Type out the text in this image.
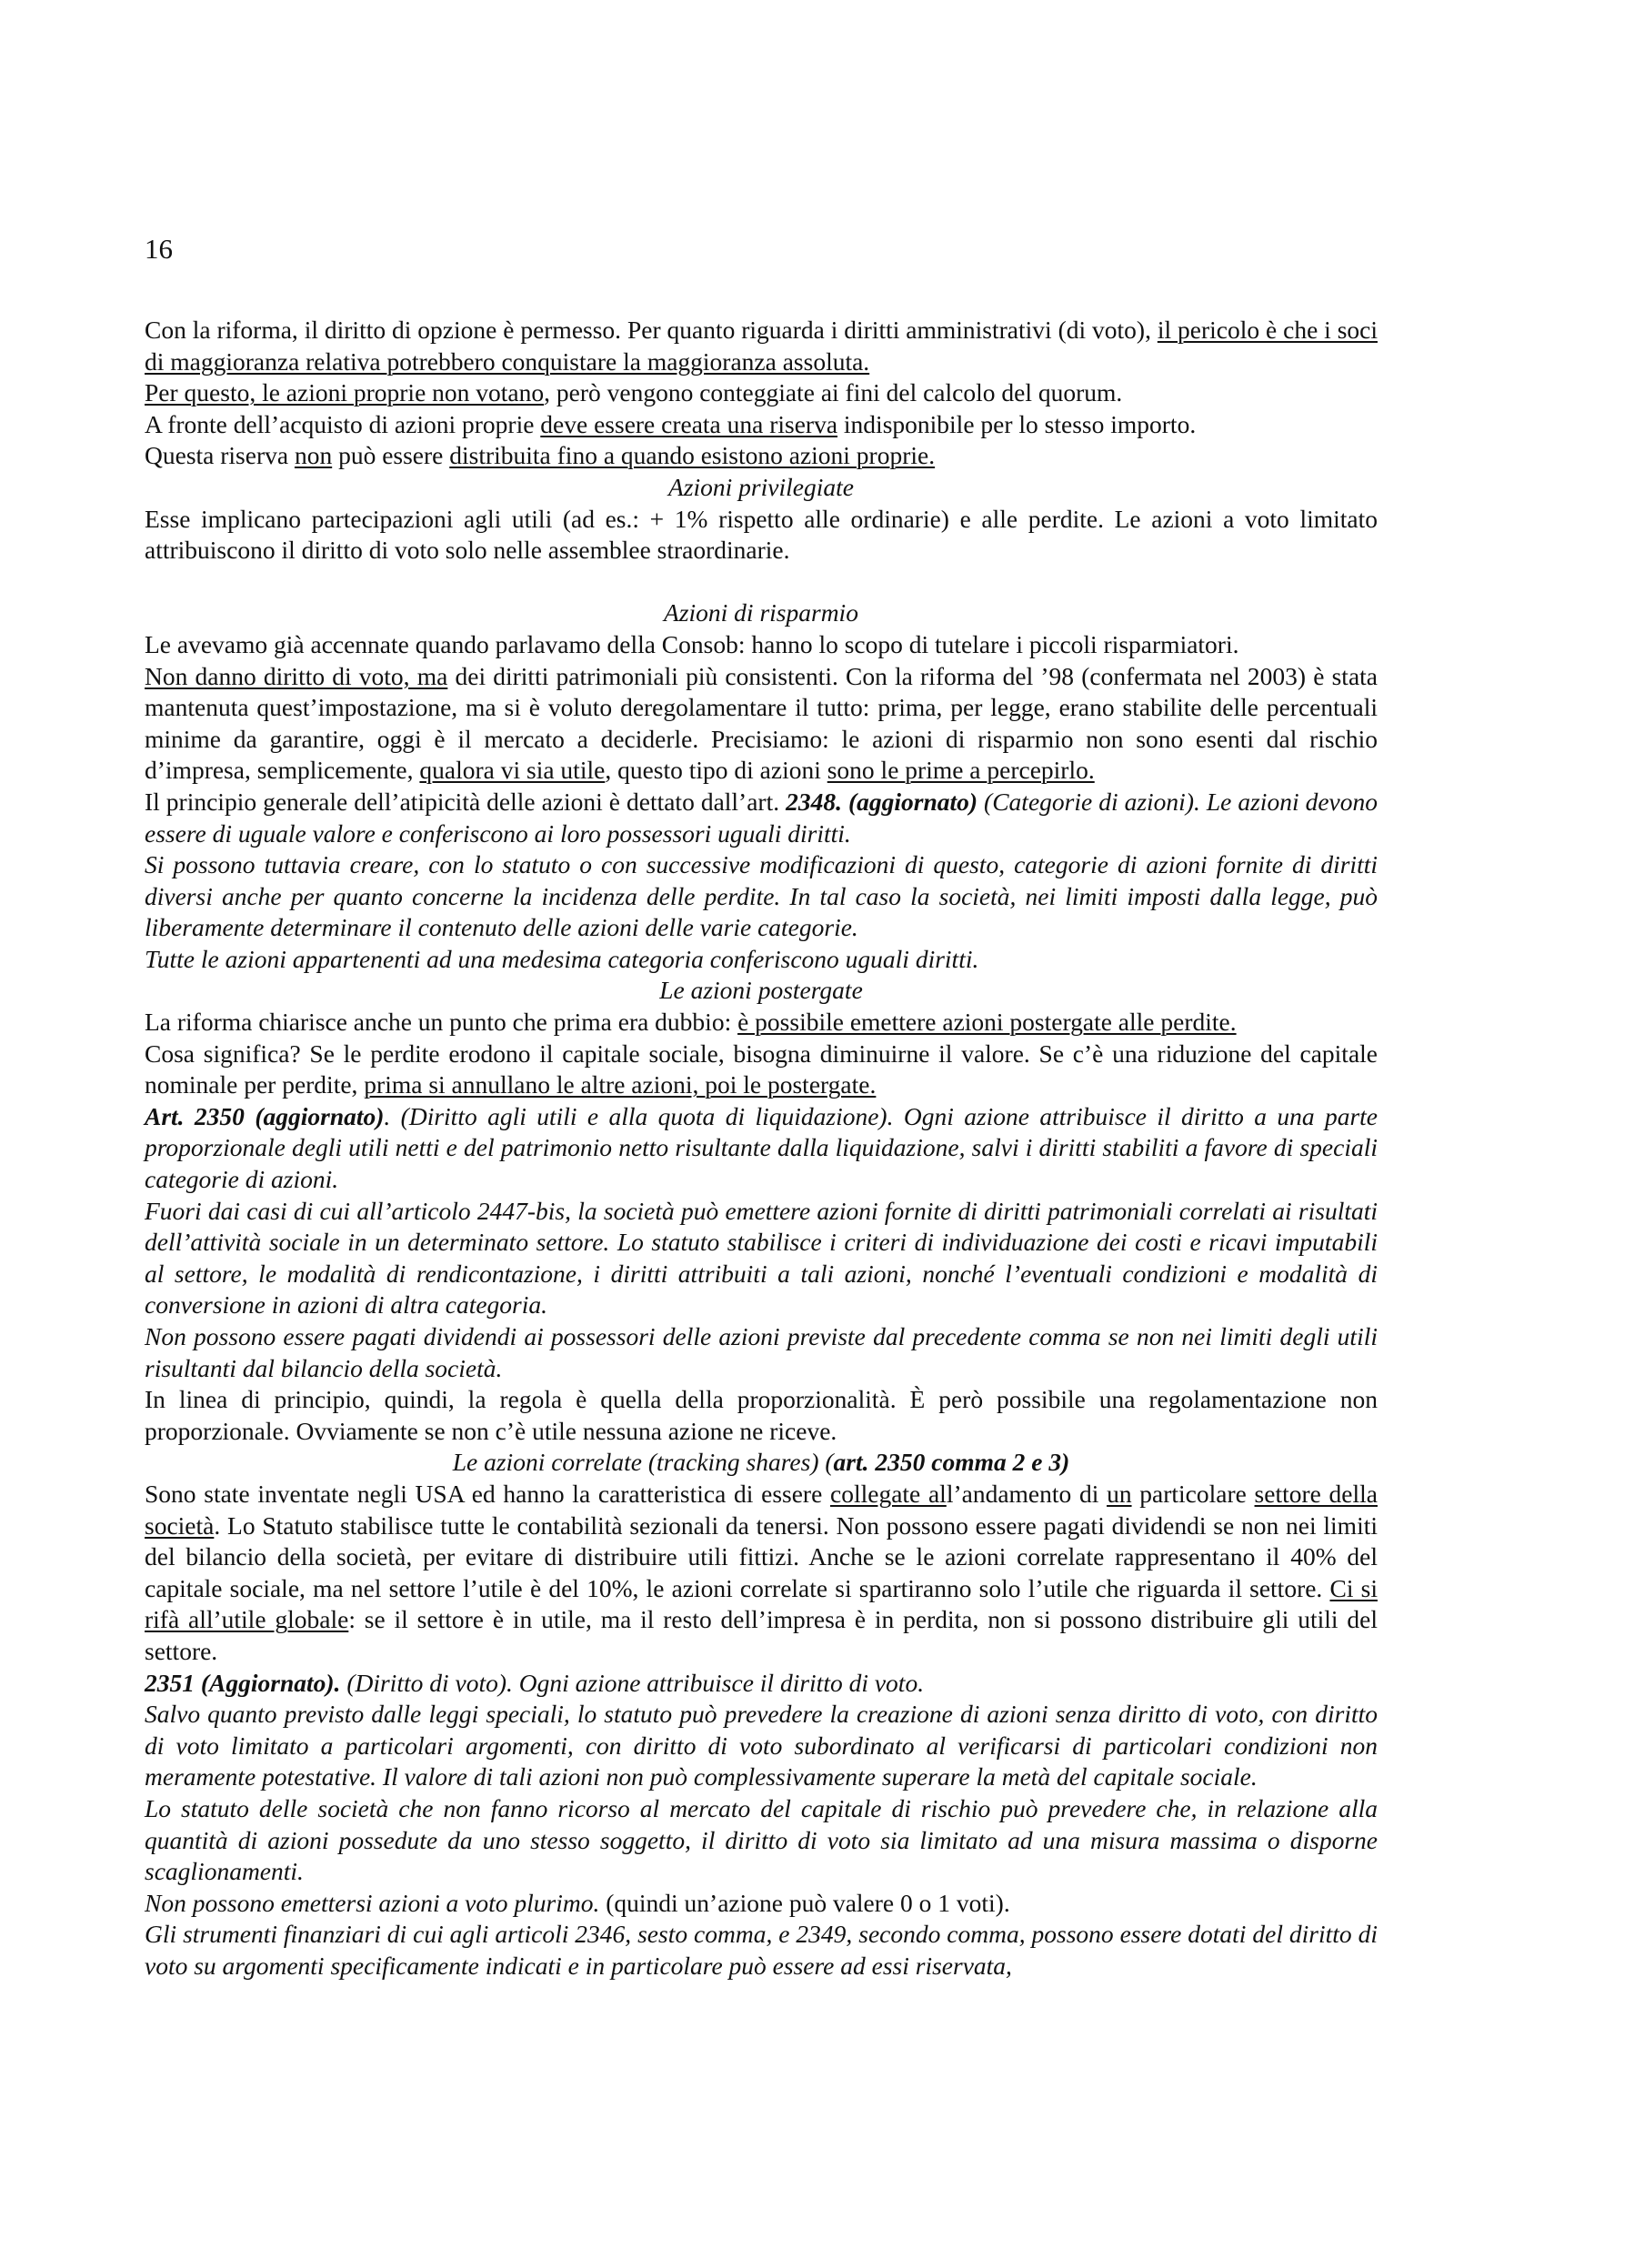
16

Con la riforma, il diritto di opzione è permesso. Per quanto riguarda i diritti amministrativi (di voto), il pericolo è che i soci di maggioranza relativa potrebbero conquistare la maggioranza assoluta.

Per questo, le azioni proprie non votano, però vengono conteggiate ai fini del calcolo del quorum.

A fronte dell’acquisto di azioni proprie deve essere creata una riserva indisponibile per lo stesso importo.

Questa riserva non può essere distribuita fino a quando esistono azioni proprie.

Azioni privilegiate

Esse implicano partecipazioni agli utili (ad es.: + 1% rispetto alle ordinarie) e alle perdite. Le azioni a voto limitato attribuiscono il diritto di voto solo nelle assemblee straordinarie.

Azioni di risparmio

Le avevamo già accennate quando parlavamo della Consob: hanno lo scopo di tutelare i piccoli risparmiatori.

Non danno diritto di voto, ma dei diritti patrimoniali più consistenti. Con la riforma del ’98 (confermata nel 2003) è stata mantenuta quest’impostazione, ma si è voluto deregolamentare il tutto: prima, per legge, erano stabilite delle percentuali minime da garantire, oggi è il mercato a deciderle. Precisiamo: le azioni di risparmio non sono esenti dal rischio d’impresa, semplicemente, qualora vi sia utile, questo tipo di azioni sono le prime a percepirlo.

Il principio generale dell’atipicità delle azioni è dettato dall’art. 2348. (aggiornato) (Categorie di azioni). Le azioni devono essere di uguale valore e conferiscono ai loro possessori uguali diritti.

Si possono tuttavia creare, con lo statuto o con successive modificazioni di questo, categorie di azioni fornite di diritti diversi anche per quanto concerne la incidenza delle perdite. In tal caso la società, nei limiti imposti dalla legge, può liberamente determinare il contenuto delle azioni delle varie categorie.

Tutte le azioni appartenenti ad una medesima categoria conferiscono uguali diritti.

Le azioni postergate

La riforma chiarisce anche un punto che prima era dubbio: è possibile emettere azioni postergate alle perdite.

Cosa significa? Se le perdite erodono il capitale sociale, bisogna diminuirne il valore. Se c’è una riduzione del capitale nominale per perdite, prima si annullano le altre azioni, poi le postergate.

Art. 2350 (aggiornato). (Diritto agli utili e alla quota di liquidazione). Ogni azione attribuisce il diritto a una parte proporzionale degli utili netti e del patrimonio netto risultante dalla liquidazione, salvi i diritti stabiliti a favore di speciali categorie di azioni.

Fuori dai casi di cui all’articolo 2447-bis, la società può emettere azioni fornite di diritti patrimoniali correlati ai risultati dell’attività sociale in un determinato settore. Lo statuto stabilisce i criteri di individuazione dei costi e ricavi imputabili al settore, le modalità di rendicontazione, i diritti attribuiti a tali azioni, nonché l’eventuali condizioni e modalità di conversione in azioni di altra categoria.

Non possono essere pagati dividendi ai possessori delle azioni previste dal precedente comma se non nei limiti degli utili risultanti dal bilancio della società.

In linea di principio, quindi, la regola è quella della proporzionalità. È però possibile una regolamentazione non proporzionale. Ovviamente se non c’è utile nessuna azione ne riceve.

Le azioni correlate (tracking shares) (art. 2350 comma 2 e 3)

Sono state inventate negli USA ed hanno la caratteristica di essere collegate all’andamento di un particolare settore della società. Lo Statuto stabilisce tutte le contabilità sezionali da tenersi. Non possono essere pagati dividendi se non nei limiti del bilancio della società, per evitare di distribuire utili fittizi. Anche se le azioni correlate rappresentano il 40% del capitale sociale, ma nel settore l’utile è del 10%, le azioni correlate si spartiranno solo l’utile che riguarda il settore. Ci si rifà all’utile globale: se il settore è in utile, ma il resto dell’impresa è in perdita, non si possono distribuire gli utili del settore.

2351 (Aggiornato). (Diritto di voto). Ogni azione attribuisce il diritto di voto.

Salvo quanto previsto dalle leggi speciali, lo statuto può prevedere la creazione di azioni senza diritto di voto, con diritto di voto limitato a particolari argomenti, con diritto di voto subordinato al verificarsi di particolari condizioni non meramente potestative. Il valore di tali azioni non può complessivamente superare la metà del capitale sociale.

Lo statuto delle società che non fanno ricorso al mercato del capitale di rischio può prevedere che, in relazione alla quantità di azioni possedute da uno stesso soggetto, il diritto di voto sia limitato ad una misura massima o disporne scaglionamenti.

Non possono emettersi azioni a voto plurimo. (quindi un’azione può valere 0 o 1 voti).

Gli strumenti finanziari di cui agli articoli 2346, sesto comma, e 2349, secondo comma, possono essere dotati del diritto di voto su argomenti specificamente indicati e in particolare può essere ad essi riservata,
